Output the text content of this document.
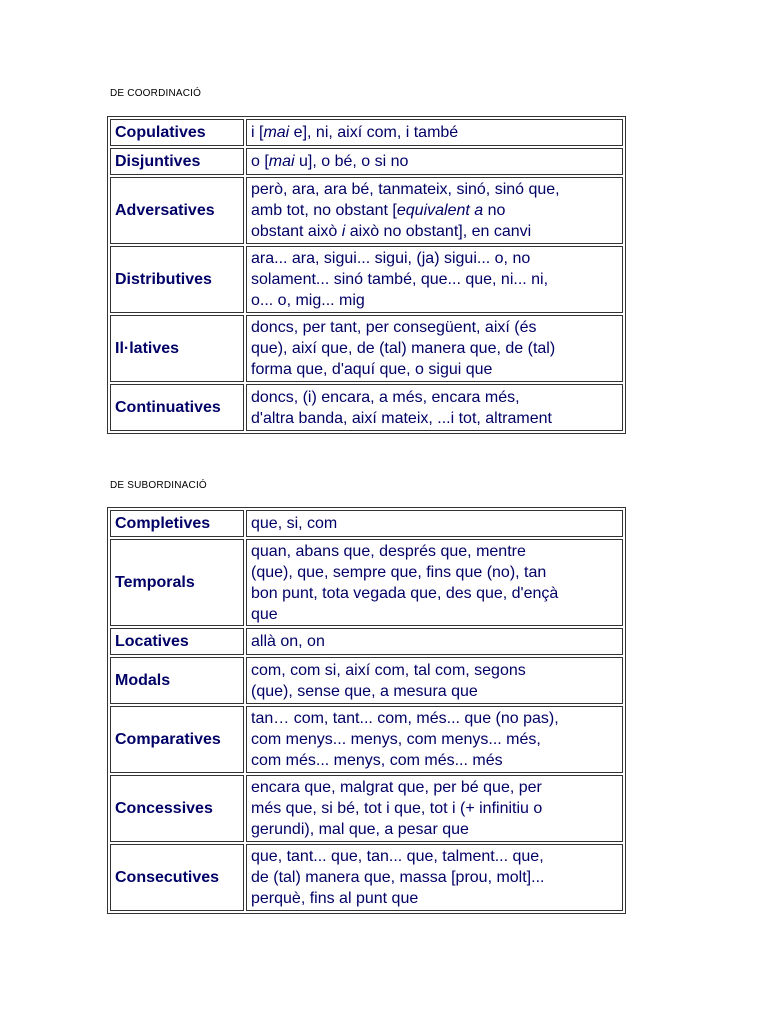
DE COORDINACIÓ
Copulatives	i [mai e], ni, així com, i també
Disjuntives	o [mai u], o bé, o si no
Adversatives	però, ara, ara bé, tanmateix, sinó, sinó que,
amb tot, no obstant [equivalent a no
obstant això i això no obstant], en canvi
Distributives	ara... ara, sigui... sigui, (ja) sigui... o, no
solament... sinó també, que... que, ni... ni,
o... o, mig... mig
Il·latives	doncs, per tant, per consegüent, així (és
que), així que, de (tal) manera que, de (tal)
forma que, d'aquí que, o sigui que
Continuatives	doncs, (i) encara, a més, encara més,
d'altra banda, així mateix, ...i tot, altrament
DE SUBORDINACIÓ
Completives	que, si, com
Temporals	quan, abans que, després que, mentre
(que), que, sempre que, fins que (no), tan
bon punt, tota vegada que, des que, d'ençà
que
Locatives	allà on, on
Modals	com, com si, així com, tal com, segons
(que), sense que, a mesura que
Comparatives	tan… com, tant... com, més... que (no pas),
com menys... menys, com menys... més,
com més... menys, com més... més
Concessives	encara que, malgrat que, per bé que, per
més que, si bé, tot i que, tot i (+ infinitiu o
gerundi), mal que, a pesar que
Consecutives	que, tant... que, tan... que, talment... que,
de (tal) manera que, massa [prou, molt]...
perquè, fins al punt que
